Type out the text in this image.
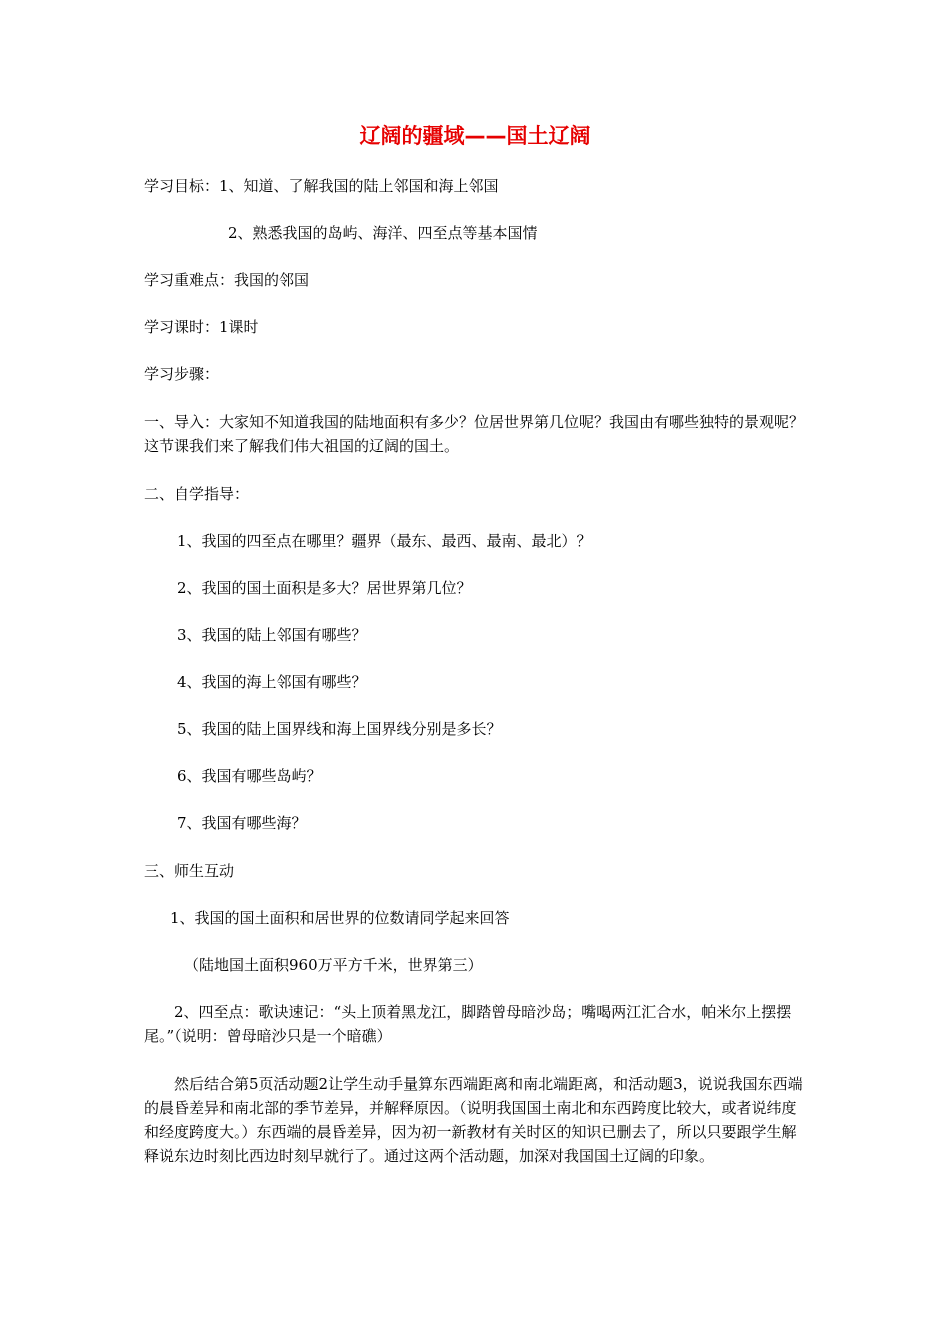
辽阔的疆域——国土辽阔
学习目标：1、知道、了解我国的陆上邻国和海上邻国
2、熟悉我国的岛屿、海洋、四至点等基本国情
学习重难点：我国的邻国
学习课时：1课时
学习步骤：
一、导入：大家知不知道我国的陆地面积有多少？位居世界第几位呢？我国由有哪些独特的景观呢？这节课我们来了解我们伟大祖国的辽阔的国土。
二、自学指导：
1、我国的四至点在哪里？疆界（最东、最西、最南、最北）？
2、我国的国土面积是多大？居世界第几位？
3、我国的陆上邻国有哪些？
4、我国的海上邻国有哪些？
5、我国的陆上国界线和海上国界线分别是多长？
6、我国有哪些岛屿？
7、我国有哪些海？
三、师生互动
1、我国的国土面积和居世界的位数请同学起来回答
（陆地国土面积960万平方千米，世界第三）
2、四至点：歌诀速记：“头上顶着黑龙江，脚踏曾母暗沙岛；嘴喝两江汇合水，帕米尔上摆摆尾。”（说明：曾母暗沙只是一个暗礁）
然后结合第5页活动题2让学生动手量算东西端距离和南北端距离，和活动题3，说说我国东西端的晨昏差异和南北部的季节差异，并解释原因。（说明我国国土南北和东西跨度比较大，或者说纬度和经度跨度大。）东西端的晨昏差异，因为初一新教材有关时区的知识已删去了，所以只要跟学生解释说东边时刻比西边时刻早就行了。通过这两个活动题，加深对我国国土辽阔的印象。
